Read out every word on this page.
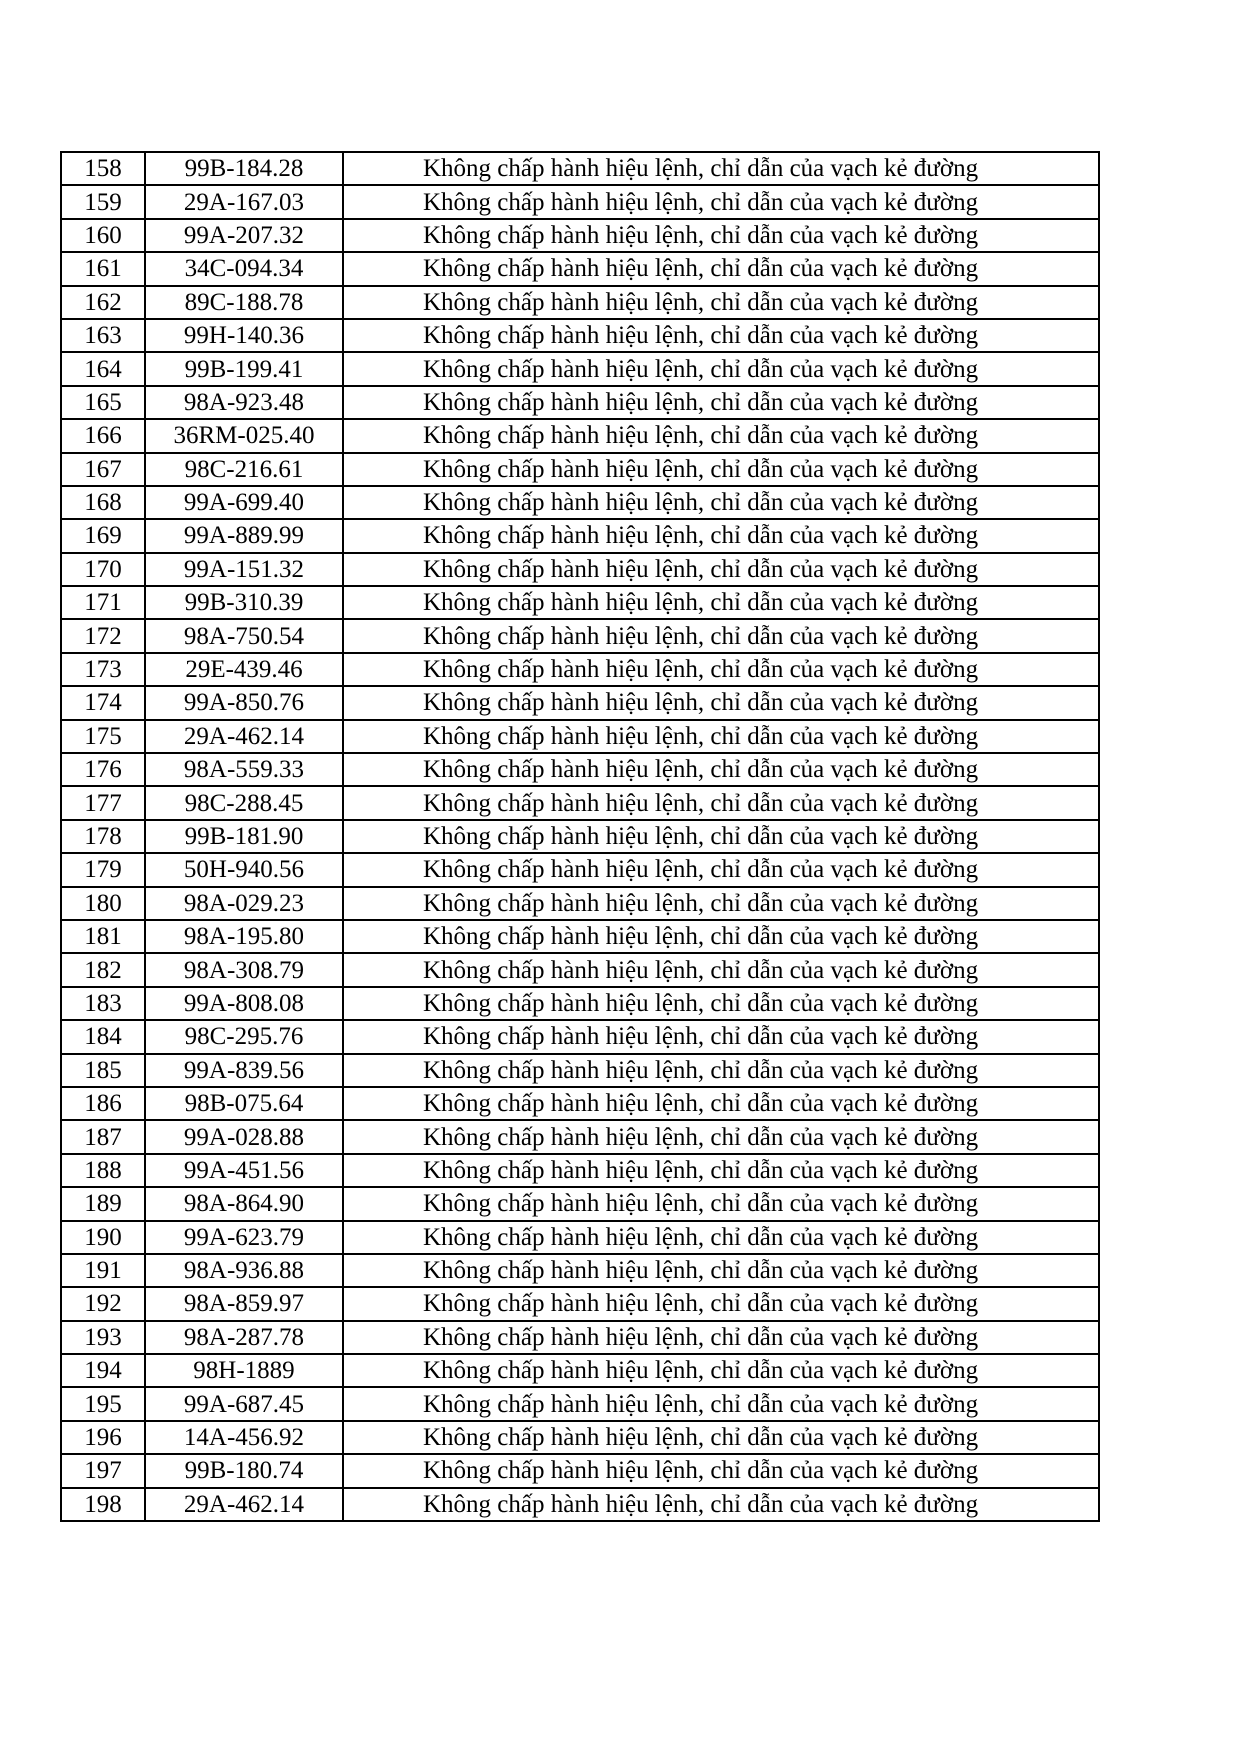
158	99B-184.28	Không chấp hành hiệu lệnh, chỉ dẫn của vạch kẻ đường
159	29A-167.03	Không chấp hành hiệu lệnh, chỉ dẫn của vạch kẻ đường
160	99A-207.32	Không chấp hành hiệu lệnh, chỉ dẫn của vạch kẻ đường
161	34C-094.34	Không chấp hành hiệu lệnh, chỉ dẫn của vạch kẻ đường
162	89C-188.78	Không chấp hành hiệu lệnh, chỉ dẫn của vạch kẻ đường
163	99H-140.36	Không chấp hành hiệu lệnh, chỉ dẫn của vạch kẻ đường
164	99B-199.41	Không chấp hành hiệu lệnh, chỉ dẫn của vạch kẻ đường
165	98A-923.48	Không chấp hành hiệu lệnh, chỉ dẫn của vạch kẻ đường
166	36RM-025.40	Không chấp hành hiệu lệnh, chỉ dẫn của vạch kẻ đường
167	98C-216.61	Không chấp hành hiệu lệnh, chỉ dẫn của vạch kẻ đường
168	99A-699.40	Không chấp hành hiệu lệnh, chỉ dẫn của vạch kẻ đường
169	99A-889.99	Không chấp hành hiệu lệnh, chỉ dẫn của vạch kẻ đường
170	99A-151.32	Không chấp hành hiệu lệnh, chỉ dẫn của vạch kẻ đường
171	99B-310.39	Không chấp hành hiệu lệnh, chỉ dẫn của vạch kẻ đường
172	98A-750.54	Không chấp hành hiệu lệnh, chỉ dẫn của vạch kẻ đường
173	29E-439.46	Không chấp hành hiệu lệnh, chỉ dẫn của vạch kẻ đường
174	99A-850.76	Không chấp hành hiệu lệnh, chỉ dẫn của vạch kẻ đường
175	29A-462.14	Không chấp hành hiệu lệnh, chỉ dẫn của vạch kẻ đường
176	98A-559.33	Không chấp hành hiệu lệnh, chỉ dẫn của vạch kẻ đường
177	98C-288.45	Không chấp hành hiệu lệnh, chỉ dẫn của vạch kẻ đường
178	99B-181.90	Không chấp hành hiệu lệnh, chỉ dẫn của vạch kẻ đường
179	50H-940.56	Không chấp hành hiệu lệnh, chỉ dẫn của vạch kẻ đường
180	98A-029.23	Không chấp hành hiệu lệnh, chỉ dẫn của vạch kẻ đường
181	98A-195.80	Không chấp hành hiệu lệnh, chỉ dẫn của vạch kẻ đường
182	98A-308.79	Không chấp hành hiệu lệnh, chỉ dẫn của vạch kẻ đường
183	99A-808.08	Không chấp hành hiệu lệnh, chỉ dẫn của vạch kẻ đường
184	98C-295.76	Không chấp hành hiệu lệnh, chỉ dẫn của vạch kẻ đường
185	99A-839.56	Không chấp hành hiệu lệnh, chỉ dẫn của vạch kẻ đường
186	98B-075.64	Không chấp hành hiệu lệnh, chỉ dẫn của vạch kẻ đường
187	99A-028.88	Không chấp hành hiệu lệnh, chỉ dẫn của vạch kẻ đường
188	99A-451.56	Không chấp hành hiệu lệnh, chỉ dẫn của vạch kẻ đường
189	98A-864.90	Không chấp hành hiệu lệnh, chỉ dẫn của vạch kẻ đường
190	99A-623.79	Không chấp hành hiệu lệnh, chỉ dẫn của vạch kẻ đường
191	98A-936.88	Không chấp hành hiệu lệnh, chỉ dẫn của vạch kẻ đường
192	98A-859.97	Không chấp hành hiệu lệnh, chỉ dẫn của vạch kẻ đường
193	98A-287.78	Không chấp hành hiệu lệnh, chỉ dẫn của vạch kẻ đường
194	98H-1889	Không chấp hành hiệu lệnh, chỉ dẫn của vạch kẻ đường
195	99A-687.45	Không chấp hành hiệu lệnh, chỉ dẫn của vạch kẻ đường
196	14A-456.92	Không chấp hành hiệu lệnh, chỉ dẫn của vạch kẻ đường
197	99B-180.74	Không chấp hành hiệu lệnh, chỉ dẫn của vạch kẻ đường
198	29A-462.14	Không chấp hành hiệu lệnh, chỉ dẫn của vạch kẻ đường
